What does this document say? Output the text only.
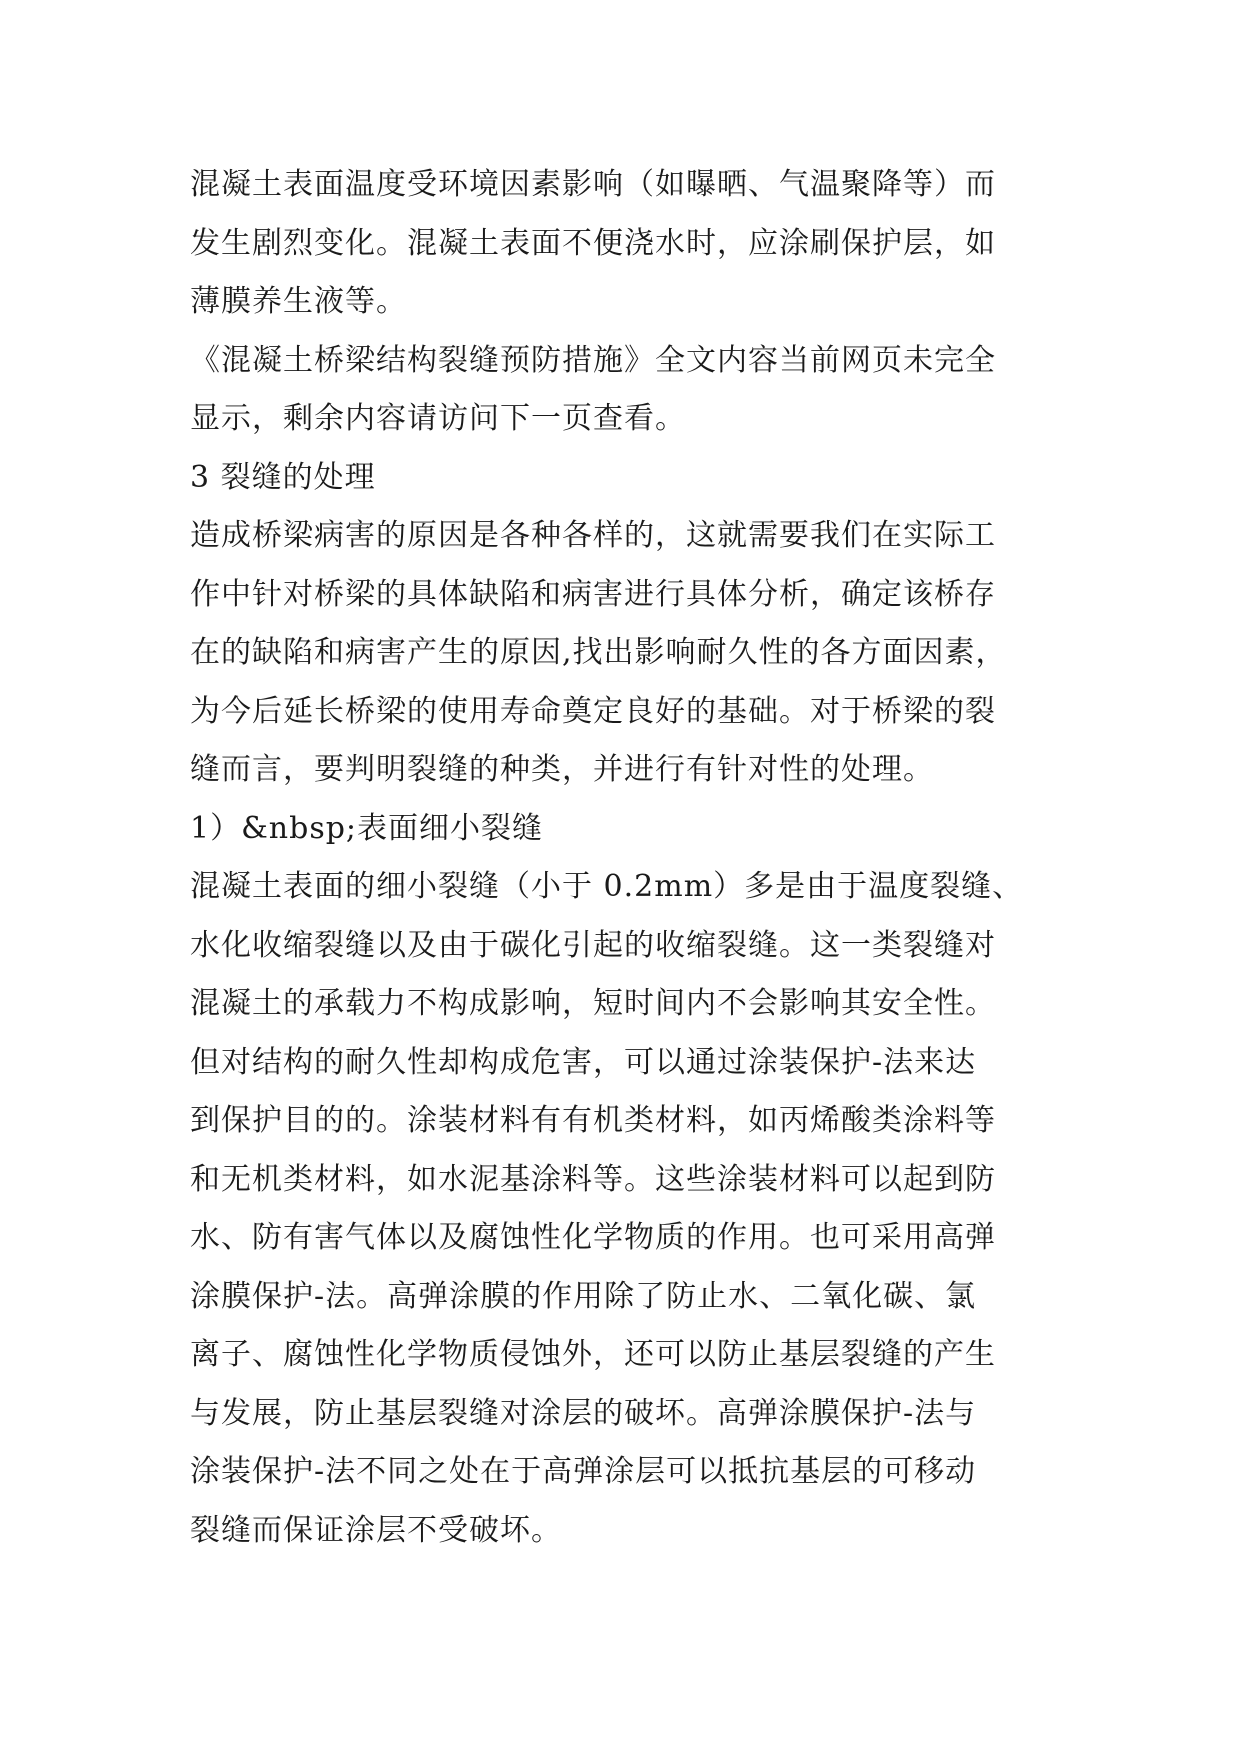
混凝土表面温度受环境因素影响（如曝晒、气温聚降等）而
发生剧烈变化。混凝土表面不便浇水时，应涂刷保护层，如
薄膜养生液等。
《混凝土桥梁结构裂缝预防措施》全文内容当前网页未完全
显示，剩余内容请访问下一页查看。
3 裂缝的处理
造成桥梁病害的原因是各种各样的，这就需要我们在实际工
作中针对桥梁的具体缺陷和病害进行具体分析，确定该桥存
在的缺陷和病害产生的原因,找出影响耐久性的各方面因素，
为今后延长桥梁的使用寿命奠定良好的基础。对于桥梁的裂
缝而言，要判明裂缝的种类，并进行有针对性的处理。
1）&nbsp;表面细小裂缝
混凝土表面的细小裂缝（小于 0.2mm）多是由于温度裂缝、
水化收缩裂缝以及由于碳化引起的收缩裂缝。这一类裂缝对
混凝土的承载力不构成影响，短时间内不会影响其安全性。
但对结构的耐久性却构成危害，可以通过涂装保护-法来达
到保护目的的。涂装材料有有机类材料，如丙烯酸类涂料等
和无机类材料，如水泥基涂料等。这些涂装材料可以起到防
水、防有害气体以及腐蚀性化学物质的作用。也可采用高弹
涂膜保护-法。高弹涂膜的作用除了防止水、二氧化碳、氯
离子、腐蚀性化学物质侵蚀外，还可以防止基层裂缝的产生
与发展，防止基层裂缝对涂层的破坏。高弹涂膜保护-法与
涂装保护-法不同之处在于高弹涂层可以抵抗基层的可移动
裂缝而保证涂层不受破坏。
